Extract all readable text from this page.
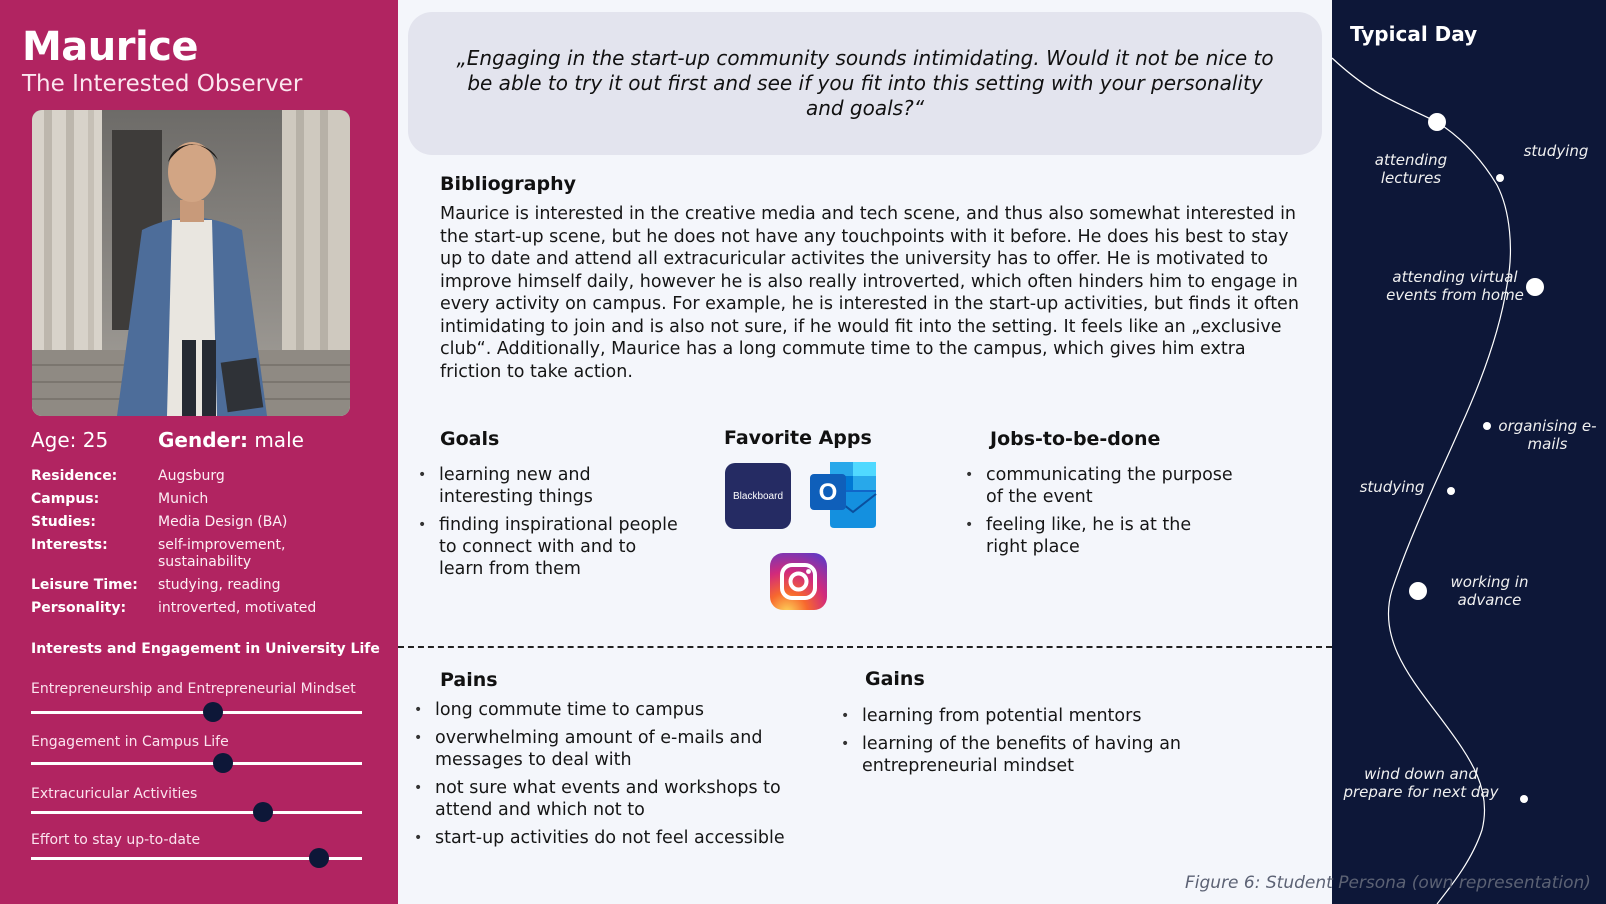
Maurice
The Interested Observer
Age: 25 Gender: male
Residence:	Augsburg
Campus:	Munich
Studies:	Media Design (BA)
Interests:	self-improvement, sustainability
Leisure Time:	studying, reading
Personality:	introverted, motivated
Interests and Engagement in University Life
Entrepreneurship and Entrepreneurial Mindset
Engagement in Campus Life
Extracuricular Activities
Effort to stay up-to-date

„Engaging in the start-up community sounds intimidating. Would it not be nice to be able to try it out first and see if you fit into this setting with your personality and goals?“

Bibliography

Maurice is interested in the creative media and tech scene, and thus also somewhat interested in the start-up scene, but he does not have any touchpoints with it before. He does his best to stay up to date and attend all extracuricular activites the university has to offer. He is motivated to improve himself daily, however he is also really introverted, which often hinders him to engage in every activity on campus. For example, he is interested in the start-up activities, but finds it often intimidating to join and is also not sure, if he would fit into the setting. It feels like an „exclusive club“. Additionally, Maurice has a long commute time to the campus, which gives him extra friction to take action.

Goals
• learning new and interesting things
• finding inspirational people to connect with and to learn from them
Favorite Apps
Blackboard O
Jobs-to-be-done
• communicating the purpose of the event
• feeling like, he is at the right place
Pains
• long commute time to campus
• overwhelming amount of e-mails and messages to deal with
• not sure what events and workshops to attend and which not to
• start-up activities do not feel accessible
Gains
• learning from potential mentors
• learning of the benefits of having an entrepreneurial mindset
Typical Day
attending lectures
studying
attending virtual events from home
organising e-mails
studying
working in advance
wind down and prepare for next day
Figure 6: Student Persona (own representation)
